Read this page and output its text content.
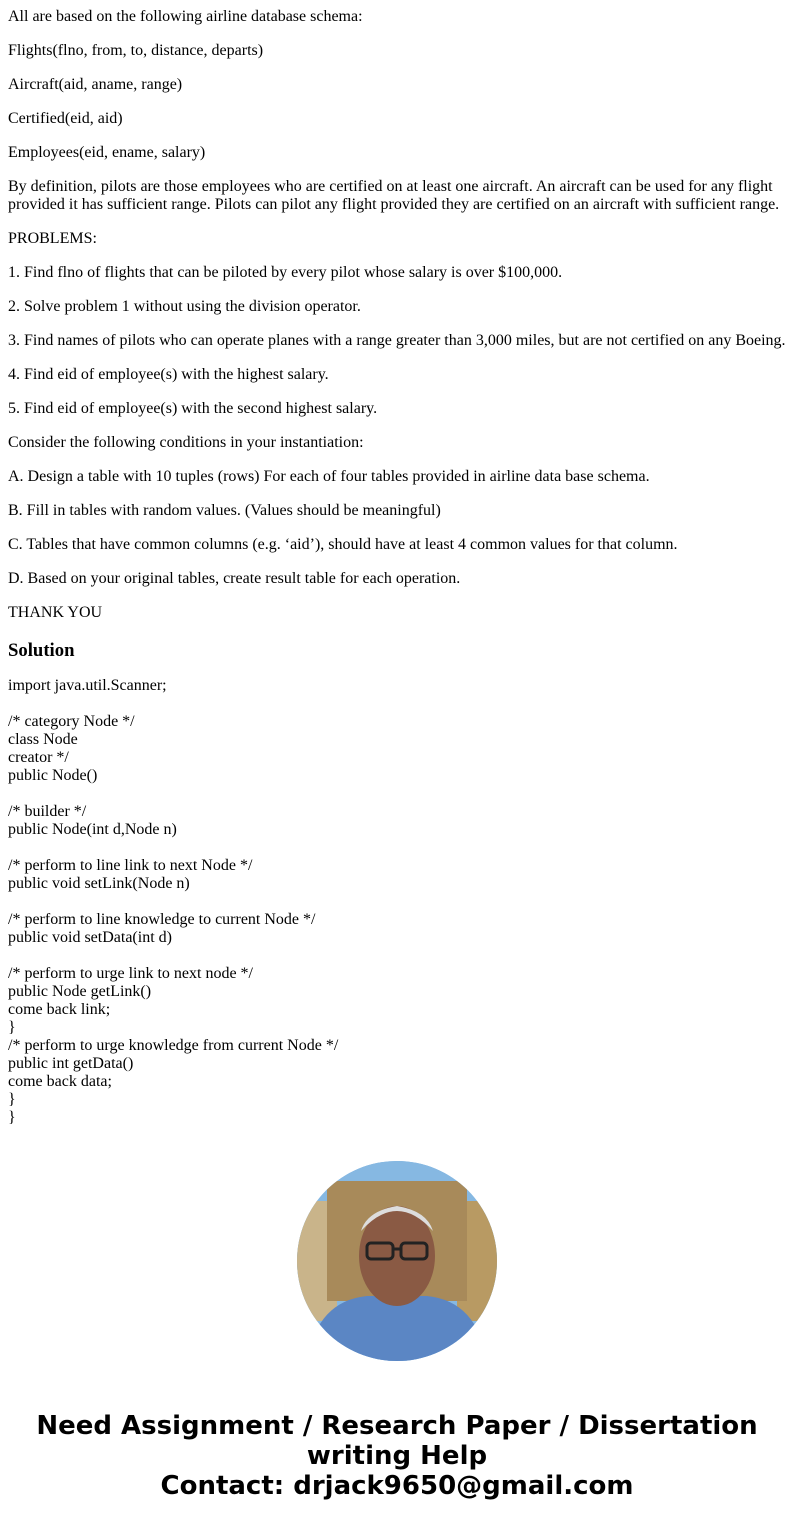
All are based on the following airline database schema:

Flights(flno, from, to, distance, departs)

Aircraft(aid, aname, range)

Certified(eid, aid)

Employees(eid, ename, salary)

By definition, pilots are those employees who are certified on at least one aircraft. An aircraft can be used for any flight provided it has sufficient range. Pilots can pilot any flight provided they are certified on an aircraft with sufficient range.

PROBLEMS:

1. Find flno of flights that can be piloted by every pilot whose salary is over $100,000.

2. Solve problem 1 without using the division operator.

3. Find names of pilots who can operate planes with a range greater than 3,000 miles, but are not certified on any Boeing.

4. Find eid of employee(s) with the highest salary.

5. Find eid of employee(s) with the second highest salary.

Consider the following conditions in your instantiation:

A. Design a table with 10 tuples (rows) For each of four tables provided in airline data base schema.

B. Fill in tables with random values. (Values should be meaningful)

C. Tables that have common columns (e.g. ‘aid’), should have at least 4 common values for that column.

D. Based on your original tables, create result table for each operation.

THANK YOU

Solution

import java.util.Scanner;

/* category Node */
class Node
creator */
public Node()
/* builder */
public Node(int d,Node n)
/* perform to line link to next Node */
public void setLink(Node n)
/* perform to line knowledge to current Node */
public void setData(int d)
/* perform to urge link to next node */
public Node getLink()
come back link;
}
/* perform to urge knowledge from current Node */
public int getData()
come back data;
}
}
Need Assignment / Research Paper / Dissertation
writing Help
Contact: drjack9650@gmail.com
